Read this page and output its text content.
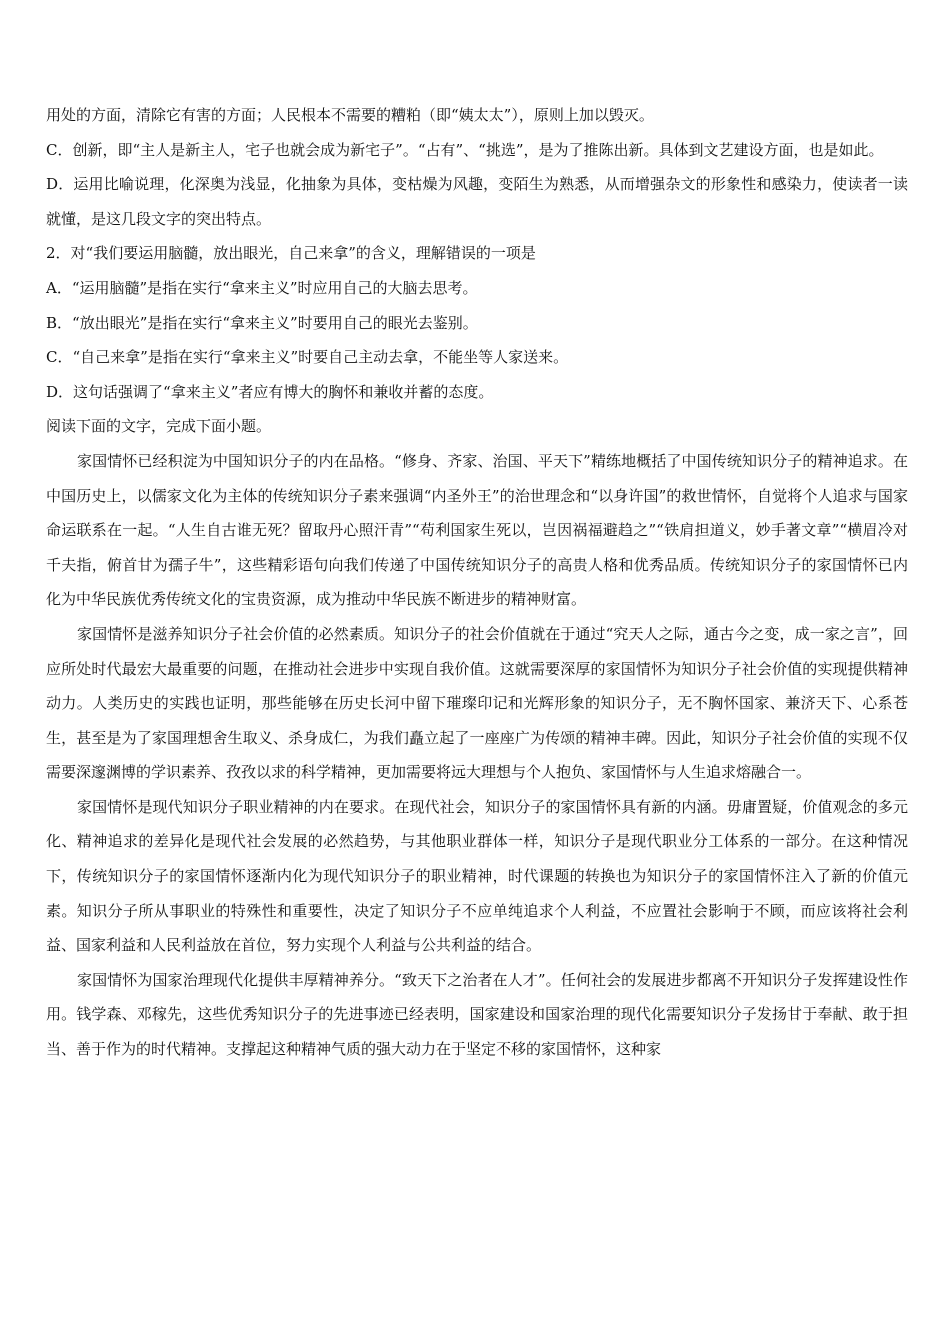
用处的方面，清除它有害的方面；人民根本不需要的糟粕（即“姨太太”），原则上加以毁灭。

C．创新，即“主人是新主人，宅子也就会成为新宅子”。“占有”、“挑选”，是为了推陈出新。具体到文艺建设方面，也是如此。

D．运用比喻说理，化深奥为浅显，化抽象为具体，变枯燥为风趣，变陌生为熟悉，从而增强杂文的形象性和感染力，使读者一读就懂，是这几段文字的突出特点。

2．对“我们要运用脑髓，放出眼光，自己来拿”的含义，理解错误的一项是

A．“运用脑髓”是指在实行“拿来主义”时应用自己的大脑去思考。

B．“放出眼光”是指在实行“拿来主义”时要用自己的眼光去鉴别。

C．“自己来拿”是指在实行“拿来主义”时要自己主动去拿，不能坐等人家送来。

D．这句话强调了“拿来主义”者应有博大的胸怀和兼收并蓄的态度。

阅读下面的文字，完成下面小题。

家国情怀已经积淀为中国知识分子的内在品格。“修身、齐家、治国、平天下”精练地概括了中国传统知识分子的精神追求。在中国历史上，以儒家文化为主体的传统知识分子素来强调“内圣外王”的治世理念和“以身许国”的救世情怀，自觉将个人追求与国家命运联系在一起。“人生自古谁无死？留取丹心照汗青”“苟利国家生死以，岂因祸福避趋之”“铁肩担道义，妙手著文章”“横眉冷对千夫指，俯首甘为孺子牛”，这些精彩语句向我们传递了中国传统知识分子的高贵人格和优秀品质。传统知识分子的家国情怀已内化为中华民族优秀传统文化的宝贵资源，成为推动中华民族不断进步的精神财富。

家国情怀是滋养知识分子社会价值的必然素质。知识分子的社会价值就在于通过“究天人之际，通古今之变，成一家之言”，回应所处时代最宏大最重要的问题，在推动社会进步中实现自我价值。这就需要深厚的家国情怀为知识分子社会价值的实现提供精神动力。人类历史的实践也证明，那些能够在历史长河中留下璀璨印记和光辉形象的知识分子，无不胸怀国家、兼济天下、心系苍生，甚至是为了家国理想舍生取义、杀身成仁，为我们矗立起了一座座广为传颂的精神丰碑。因此，知识分子社会价值的实现不仅需要深邃渊博的学识素养、孜孜以求的科学精神，更加需要将远大理想与个人抱负、家国情怀与人生追求熔融合一。

家国情怀是现代知识分子职业精神的内在要求。在现代社会，知识分子的家国情怀具有新的内涵。毋庸置疑，价值观念的多元化、精神追求的差异化是现代社会发展的必然趋势，与其他职业群体一样，知识分子是现代职业分工体系的一部分。在这种情况下，传统知识分子的家国情怀逐渐内化为现代知识分子的职业精神，时代课题的转换也为知识分子的家国情怀注入了新的价值元素。知识分子所从事职业的特殊性和重要性，决定了知识分子不应单纯追求个人利益，不应置社会影响于不顾，而应该将社会利益、国家利益和人民利益放在首位，努力实现个人利益与公共利益的结合。

家国情怀为国家治理现代化提供丰厚精神养分。“致天下之治者在人才”。任何社会的发展进步都离不开知识分子发挥建设性作用。钱学森、邓稼先，这些优秀知识分子的先进事迹已经表明，国家建设和国家治理的现代化需要知识分子发扬甘于奉献、敢于担当、善于作为的时代精神。支撑起这种精神气质的强大动力在于坚定不移的家国情怀，这种家
